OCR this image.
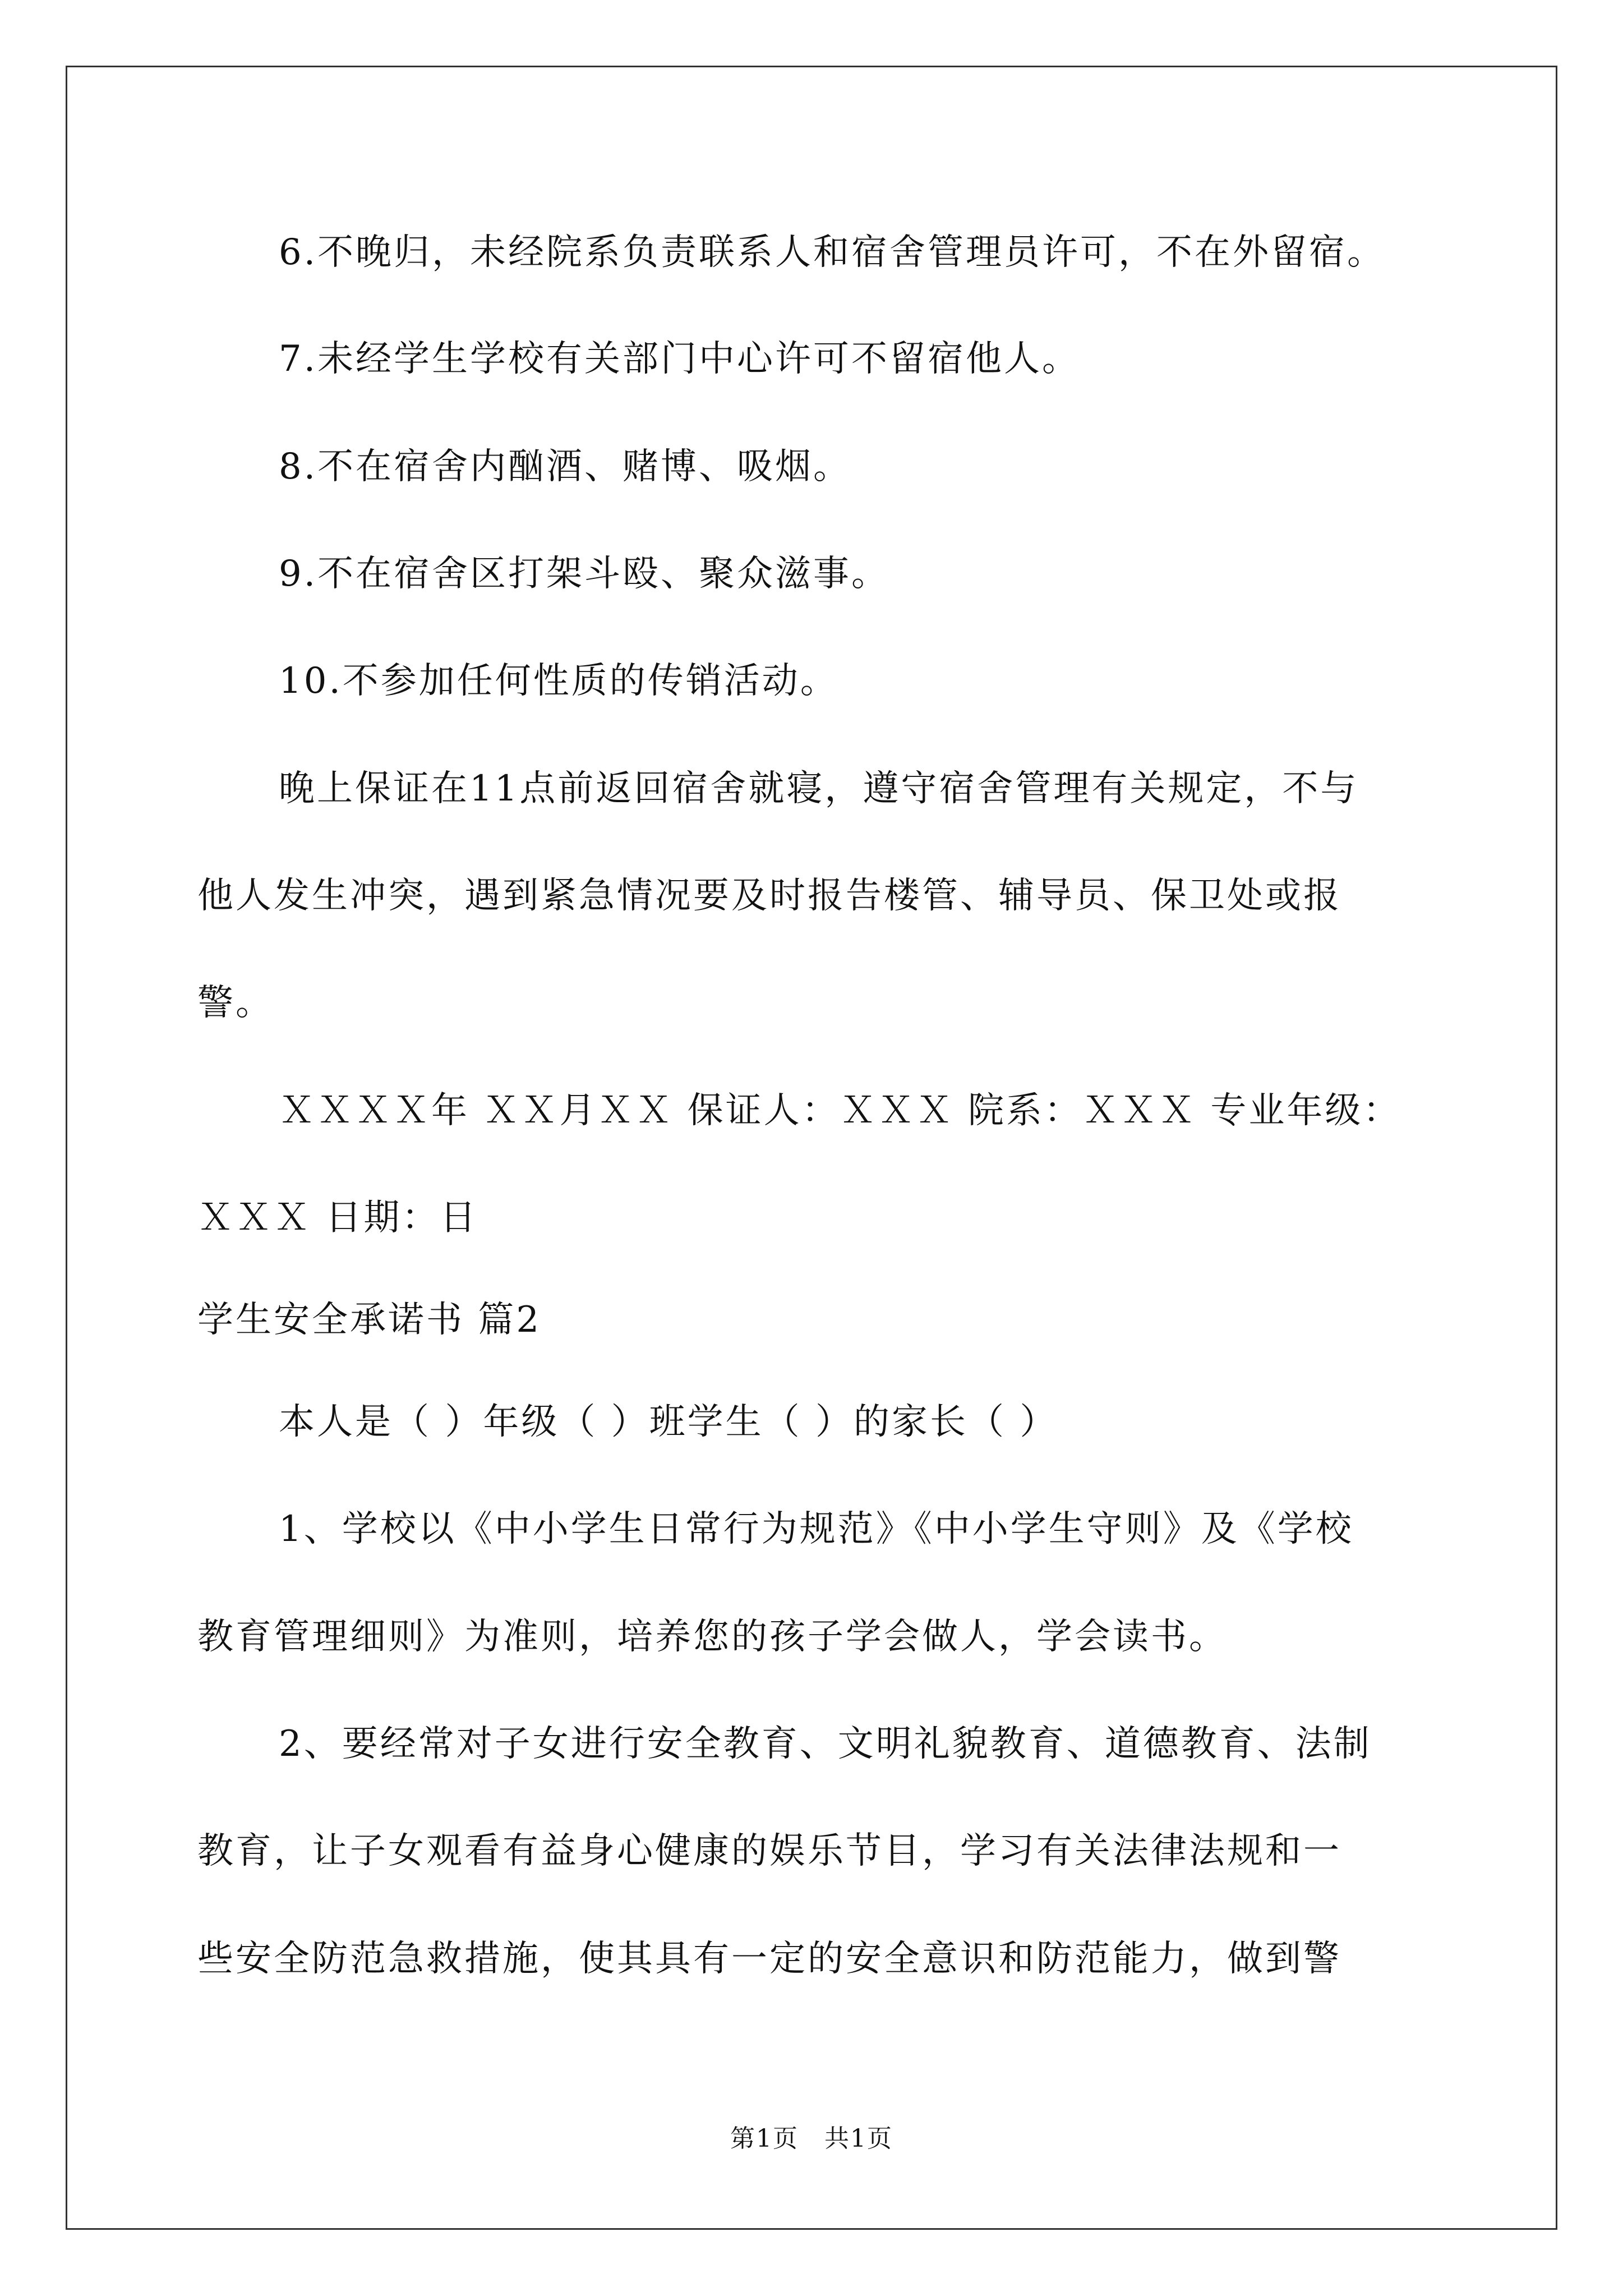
6.不晚归，未经院系负责联系人和宿舍管理员许可，不在外留宿。
7.未经学生学校有关部门中心许可不留宿他人。
8.不在宿舍内酗酒、赌博、吸烟。
9.不在宿舍区打架斗殴、聚众滋事。
10.不参加任何性质的传销活动。
晚上保证在11点前返回宿舍就寝，遵守宿舍管理有关规定，不与
他人发生冲突，遇到紧急情况要及时报告楼管、辅导员、保卫处或报
警。
ＸＸＸＸ年 ＸＸ月ＸＸ 保证人：ＸＸＸ 院系：ＸＸＸ 专业年级：
ＸＸＸ 日期：日
学生安全承诺书 篇2
本人是（ ）年级（ ）班学生（ ）的家长（ ）
1、学校以《中小学生日常行为规范》《中小学生守则》及《学校
教育管理细则》为准则，培养您的孩子学会做人，学会读书。
2、要经常对子女进行安全教育、文明礼貌教育、道德教育、法制
教育，让子女观看有益身心健康的娱乐节目，学习有关法律法规和一
些安全防范急救措施，使其具有一定的安全意识和防范能力，做到警
第1页　共1页
